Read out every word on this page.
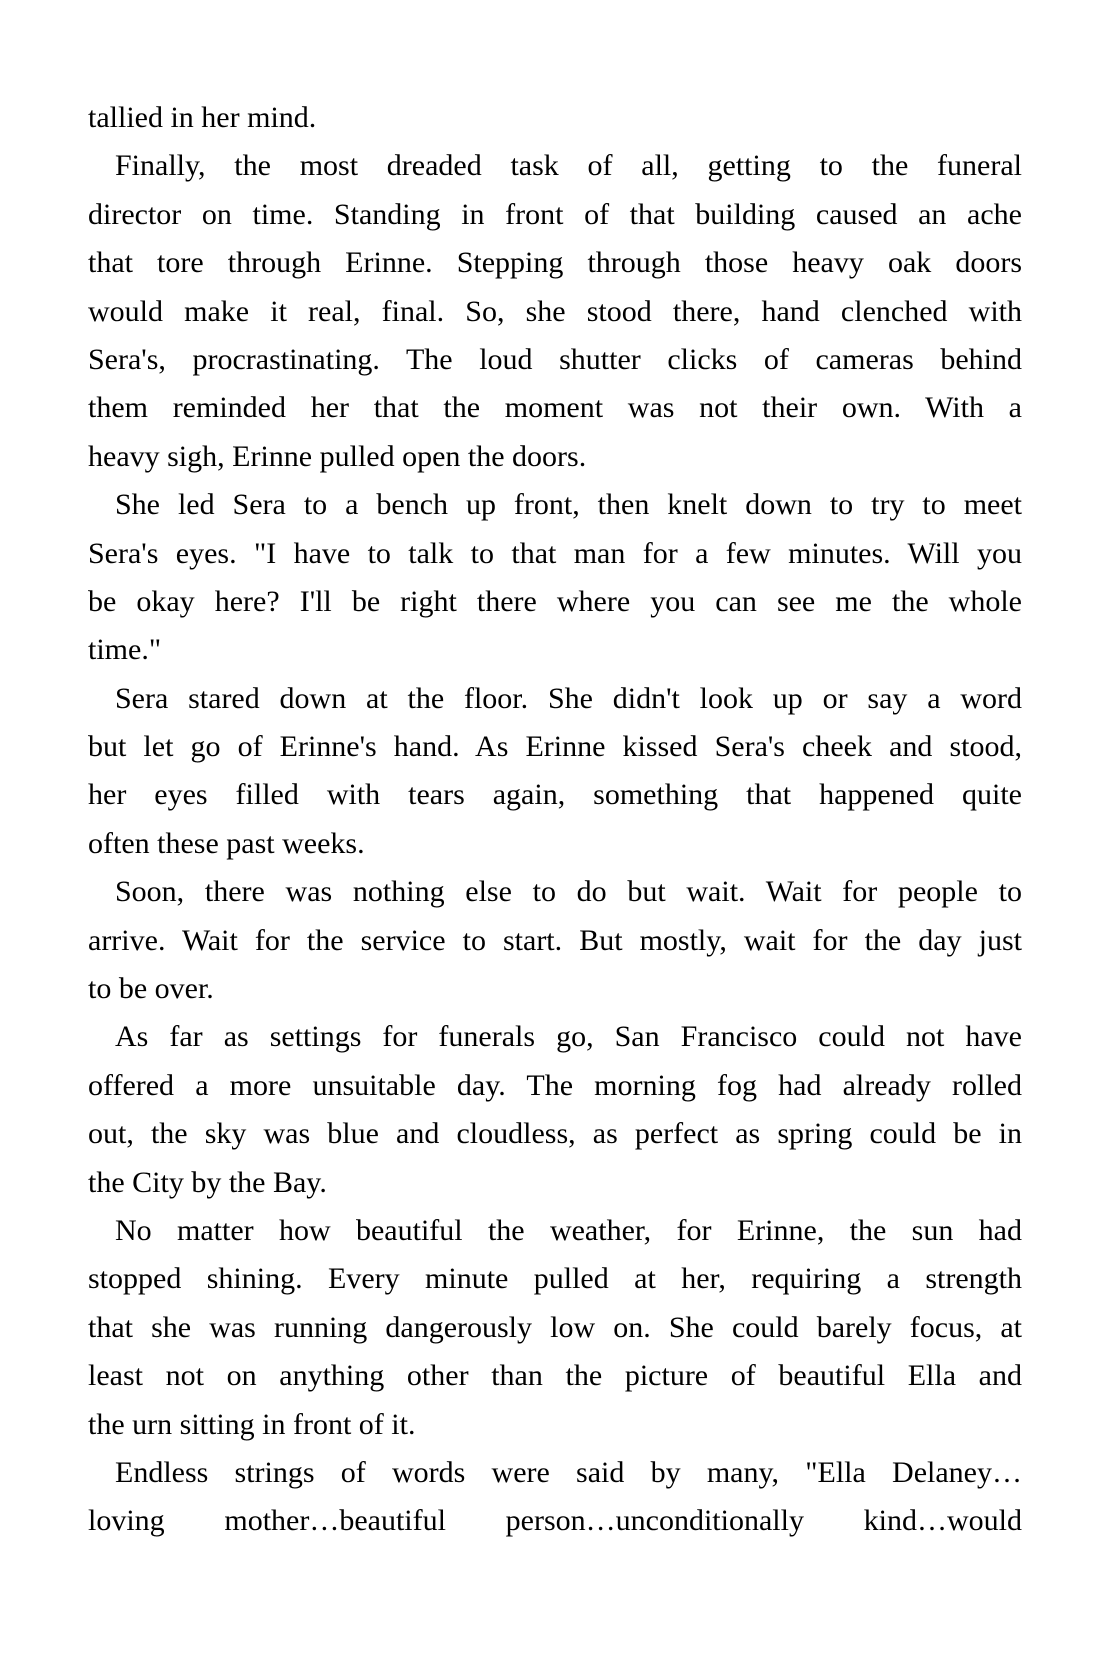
tallied in her mind.
Finally, the most dreaded task of all, getting to the funeral
director on time. Standing in front of that building caused an ache
that tore through Erinne. Stepping through those heavy oak doors
would make it real, final. So, she stood there, hand clenched with
Sera's, procrastinating. The loud shutter clicks of cameras behind
them reminded her that the moment was not their own. With a
heavy sigh, Erinne pulled open the doors.
She led Sera to a bench up front, then knelt down to try to meet
Sera's eyes. "I have to talk to that man for a few minutes. Will you
be okay here? I'll be right there where you can see me the whole
time."
Sera stared down at the floor. She didn't look up or say a word
but let go of Erinne's hand. As Erinne kissed Sera's cheek and stood,
her eyes filled with tears again, something that happened quite
often these past weeks.
Soon, there was nothing else to do but wait. Wait for people to
arrive. Wait for the service to start. But mostly, wait for the day just
to be over.
As far as settings for funerals go, San Francisco could not have
offered a more unsuitable day. The morning fog had already rolled
out, the sky was blue and cloudless, as perfect as spring could be in
the City by the Bay.
No matter how beautiful the weather, for Erinne, the sun had
stopped shining. Every minute pulled at her, requiring a strength
that she was running dangerously low on. She could barely focus, at
least not on anything other than the picture of beautiful Ella and
the urn sitting in front of it.
Endless strings of words were said by many, "Ella Delaney…
loving mother…beautiful person…unconditionally kind…would
